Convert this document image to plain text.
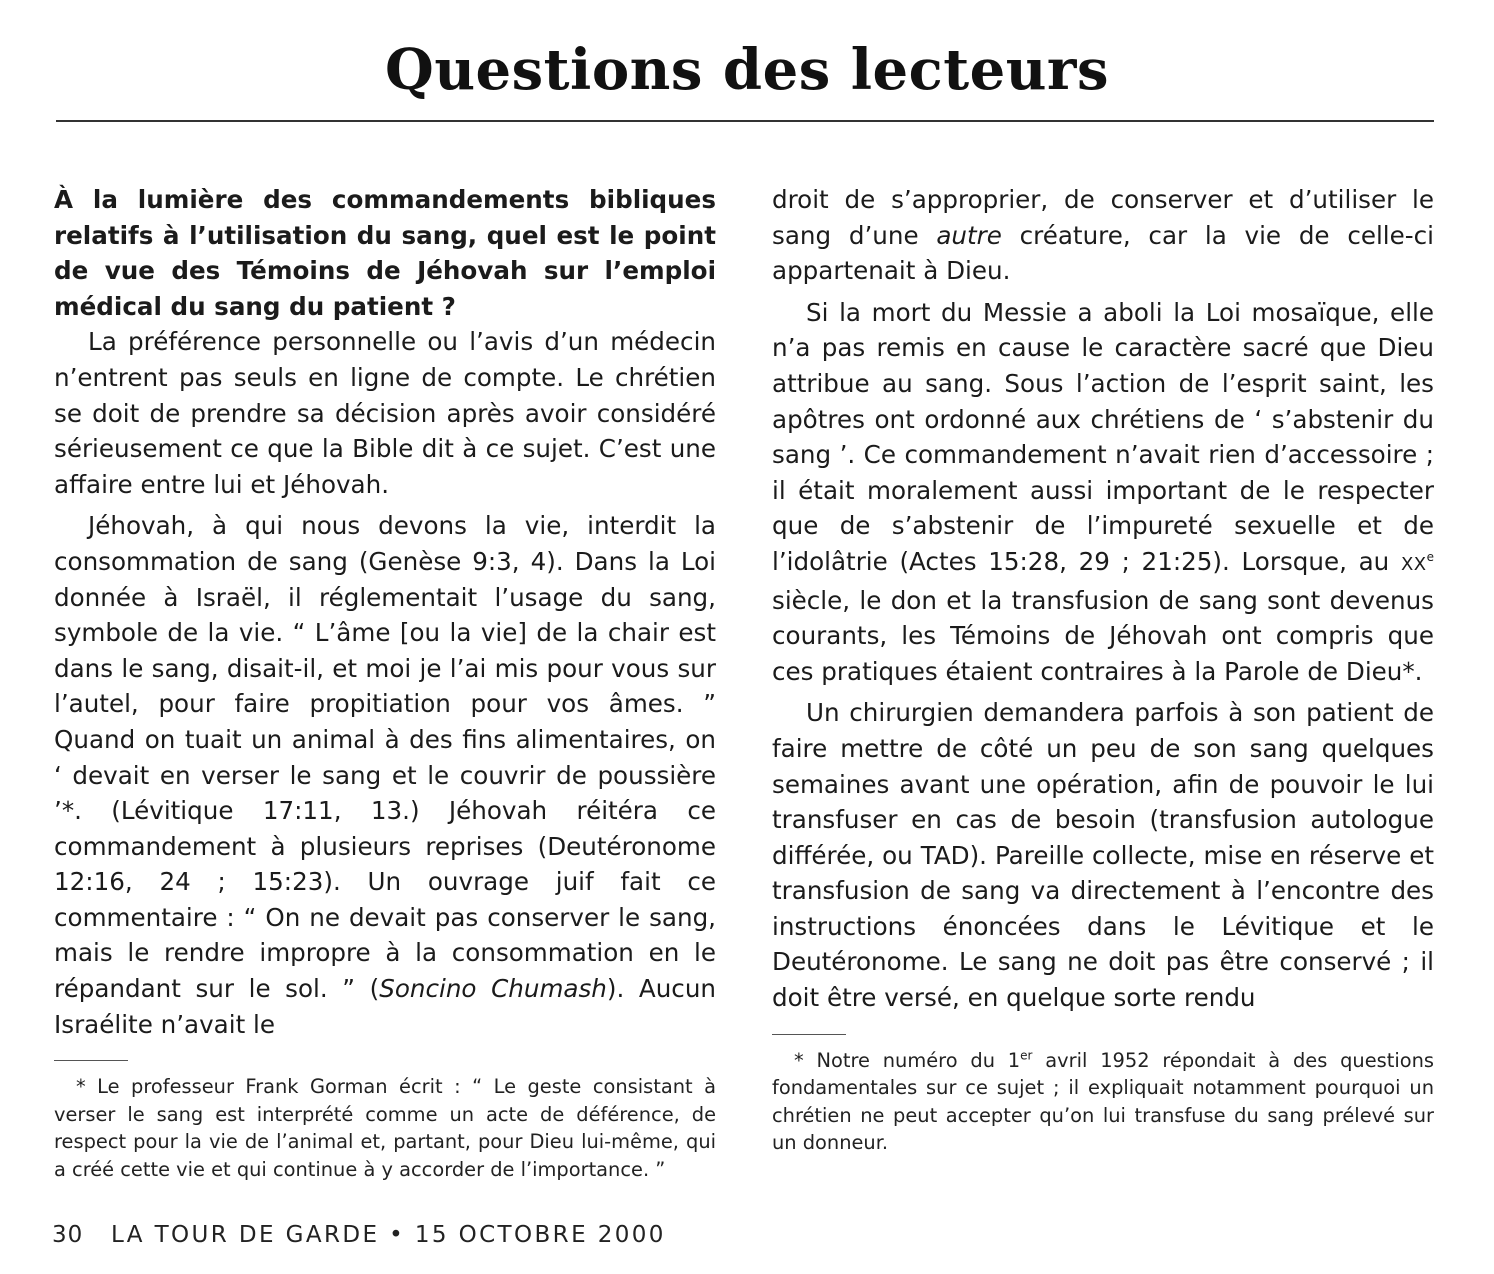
Questions des lecteurs

À la lumière des commandements bibliques relatifs à l’utilisation du sang, quel est le point de vue des Témoins de Jéhovah sur l’emploi médical du sang du patient ?

La préférence personnelle ou l’avis d’un médecin n’entrent pas seuls en ligne de compte. Le chrétien se doit de prendre sa décision après avoir considéré sérieusement ce que la Bible dit à ce sujet. C’est une affaire entre lui et Jéhovah.

Jéhovah, à qui nous devons la vie, interdit la consommation de sang (Genèse 9:3, 4). Dans la Loi donnée à Israël, il réglementait l’usage du sang, symbole de la vie. “ L’âme [ou la vie] de la chair est dans le sang, disait-il, et moi je l’ai mis pour vous sur l’autel, pour faire propitiation pour vos âmes. ” Quand on tuait un animal à des fins alimentaires, on ‘ devait en verser le sang et le couvrir de poussière ’*. (Lévitique 17:11, 13.) Jéhovah réitéra ce commandement à plusieurs reprises (Deutéronome 12:16, 24 ; 15:23). Un ouvrage juif fait ce commentaire : “ On ne devait pas conserver le sang, mais le rendre impropre à la consommation en le répandant sur le sol. ” (Soncino Chumash). Aucun Israélite n’avait le

* Le professeur Frank Gorman écrit : “ Le geste consistant à verser le sang est interprété comme un acte de déférence, de respect pour la vie de l’animal et, partant, pour Dieu lui-même, qui a créé cette vie et qui continue à y accorder de l’importance. ”

droit de s’approprier, de conserver et d’utiliser le sang d’une autre créature, car la vie de celle-ci appartenait à Dieu.

Si la mort du Messie a aboli la Loi mosaïque, elle n’a pas remis en cause le caractère sacré que Dieu attribue au sang. Sous l’action de l’esprit saint, les apôtres ont ordonné aux chrétiens de ‘ s’abstenir du sang ’. Ce commandement n’avait rien d’accessoire ; il était moralement aussi important de le respecter que de s’abstenir de l’impureté sexuelle et de l’idolâtrie (Actes 15:28, 29 ; 21:25). Lorsque, au XXe siècle, le don et la transfusion de sang sont devenus courants, les Témoins de Jéhovah ont compris que ces pratiques étaient contraires à la Parole de Dieu*.

Un chirurgien demandera parfois à son patient de faire mettre de côté un peu de son sang quelques semaines avant une opération, afin de pouvoir le lui transfuser en cas de besoin (transfusion autologue différée, ou TAD). Pareille collecte, mise en réserve et transfusion de sang va directement à l’encontre des instructions énoncées dans le Lévitique et le Deutéronome. Le sang ne doit pas être conservé ; il doit être versé, en quelque sorte rendu

* Notre numéro du 1er avril 1952 répondait à des questions fondamentales sur ce sujet ; il expliquait notamment pourquoi un chrétien ne peut accepter qu’on lui transfuse du sang prélevé sur un donneur.

30 LA TOUR DE GARDE • 15 OCTOBRE 2000
